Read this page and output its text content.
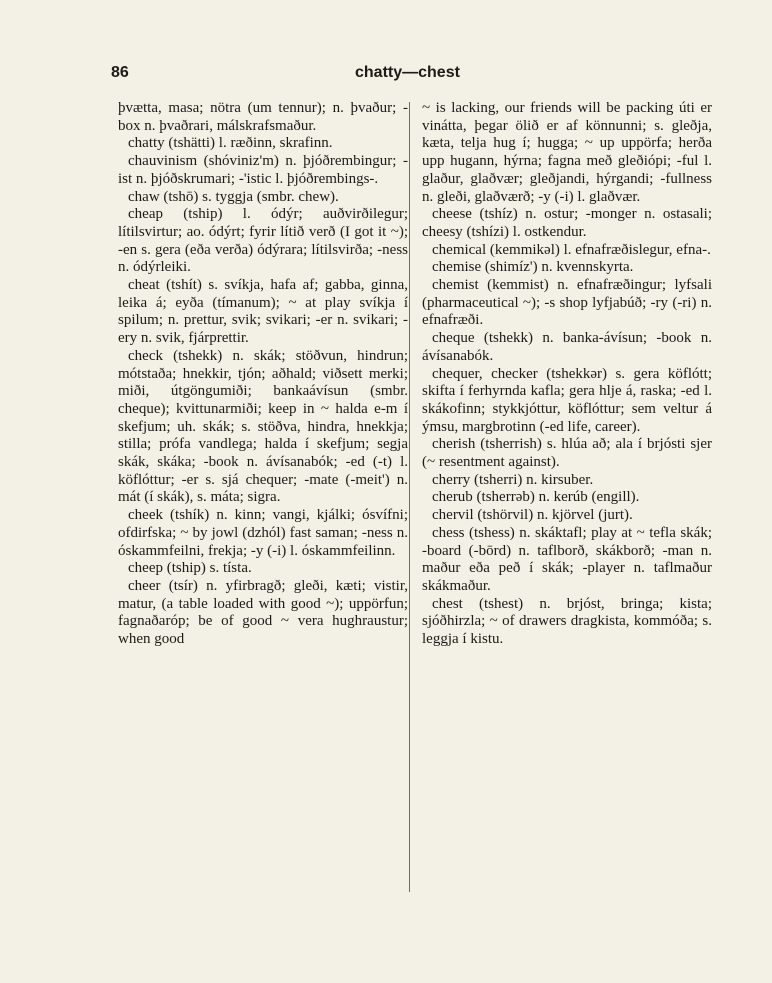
86	chatty—chest

þvætta, masa; nötra (um tennur); n. þvaður; -box n. þvaðrari, málskrafsmaður.

chatty (tshätti) l. ræðinn, skrafinn.

chauvinism (shóviniz'm) n. þjóðrembingur; -ist n. þjóðskrumari; -'istic l. þjóðrembings-.

chaw (tshō) s. tyggja (smbr. chew).

cheap (tship) l. ódýr; auðvirðilegur; lítilsvirtur; ao. ódýrt; fyrir lítið verð (I got it ~); -en s. gera (eða verða) ódýrara; lítilsvirða; -ness n. ódýrleiki.

cheat (tshít) s. svíkja, hafa af; gabba, ginna, leika á; eyða (tímanum); ~ at play svíkja í spilum; n. prettur, svik; svikari; -er n. svikari; -ery n. svik, fjárprettir.

check (tshekk) n. skák; stöðvun, hindrun; mótstaða; hnekkir, tjón; aðhald; viðsett merki; miði, útgöngumiði; bankaávísun (smbr. cheque); kvittunarmiði; keep in ~ halda e-m í skefjum; uh. skák; s. stöðva, hindra, hnekkja; stilla; prófa vandlega; halda í skefjum; segja skák, skáka; -book n. ávísanabók; -ed (-t) l. köflóttur; -er s. sjá chequer; -mate (-meit') n. mát (í skák), s. máta; sigra.

cheek (tshík) n. kinn; vangi, kjálki; ósvífni; ofdirfska; ~ by jowl (dzhól) fast saman; -ness n. óskammfeilni, frekja; -y (-i) l. óskammfeilinn.

cheep (tship) s. tísta.

cheer (tsír) n. yfirbragð; gleði, kæti; vistir, matur, (a table loaded with good ~); uppörfun; fagnaðaróp; be of good ~ vera hughraustur; when good

~ is lacking, our friends will be packing úti er vinátta, þegar ölið er af könnunni; s. gleðja, kæta, telja hug í; hugga; ~ up uppörfa; herða upp hugann, hýrna; fagna með gleðiópi; -ful l. glaður, glaðvær; gleðjandi, hýrgandi; -fullness n. gleði, glaðværð; -y (-i) l. glaðvær.

cheese (tshíz) n. ostur; -monger n. ostasali; cheesy (tshízi) l. ostkendur.

chemical (kemmikəl) l. efnafræðislegur, efna-.

chemise (shimíz') n. kvennskyrta.

chemist (kemmist) n. efnafræðingur; lyfsali (pharmaceutical ~); -s shop lyfjabúð; -ry (-ri) n. efnafræði.

cheque (tshekk) n. banka-ávísun; -book n. ávísanabók.

chequer, checker (tshekkər) s. gera köflótt; skifta í ferhyrnda kafla; gera hlje á, raska; -ed l. skákofinn; stykkjóttur, köflóttur; sem veltur á ýmsu, margbrotinn (-ed life, career).

cherish (tsherrish) s. hlúa að; ala í brjósti sjer (~ resentment against).

cherry (tsherri) n. kirsuber.

cherub (tsherrəb) n. kerúb (engill).

chervil (tshörvil) n. kjörvel (jurt).

chess (tshess) n. skáktafl; play at ~ tefla skák; -board (-bōrd) n. taflborð, skákborð; -man n. maður eða peð í skák; -player n. taflmaður skákmaður.

chest (tshest) n. brjóst, bringa; kista; sjóðhirzla; ~ of drawers dragkista, kommóða; s. leggja í kistu.
